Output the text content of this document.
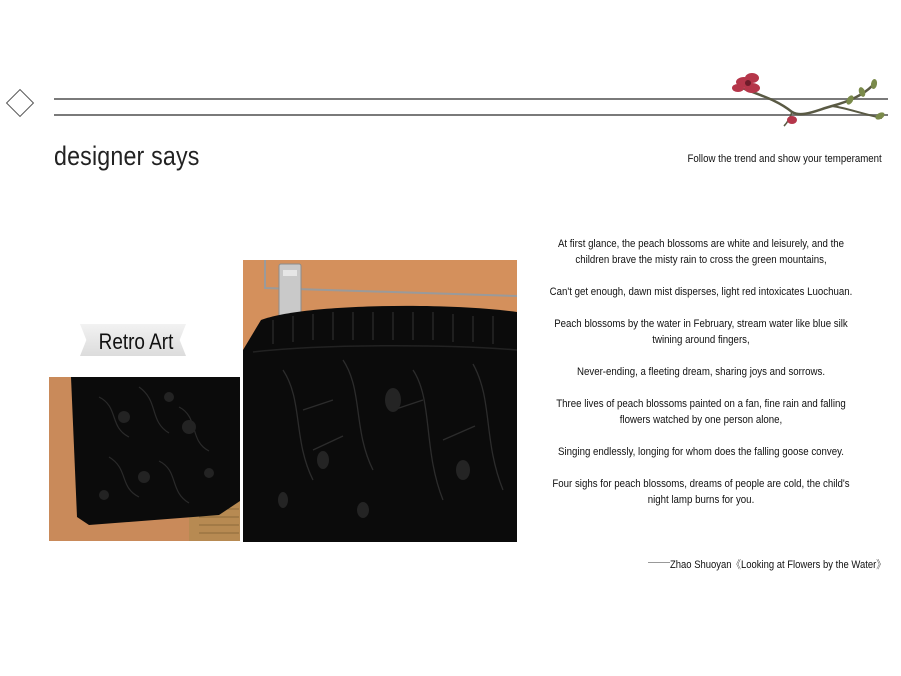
designer says	Follow the trend and show your temperament
Retro Art

At first glance, the peach blossoms are white and leisurely, and the children brave the misty rain to cross the green mountains,

Can't get enough, dawn mist disperses, light red intoxicates Luochuan.

Peach blossoms by the water in February, stream water like blue silk twining around fingers,

Never-ending, a fleeting dream, sharing joys and sorrows.

Three lives of peach blossoms painted on a fan, fine rain and falling flowers watched by one person alone,

Singing endlessly, longing for whom does the falling goose convey.

Four sighs for peach blossoms, dreams of people are cold, the child's night lamp burns for you.

Zhao Shuoyan《Looking at Flowers by the Water》
